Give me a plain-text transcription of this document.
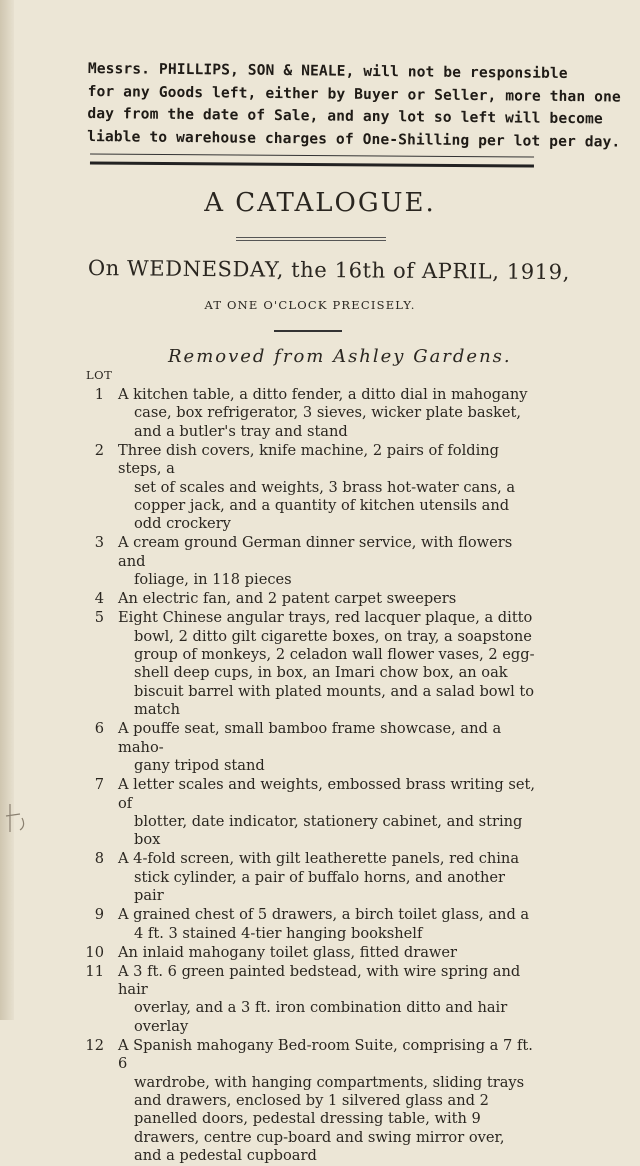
Messrs. PHILLIPS, SON & NEALE, will not be responsible
for any Goods left, either by Buyer or Seller, more than one
day from the date of Sale, and any lot so left will become
liable to warehouse charges of One-Shilling per lot per day.
A CATALOGUE.
On WEDNESDAY, the 16th of APRIL, 1919,
AT ONE O'CLOCK PRECISELY.
Removed from Ashley Gardens.
LOT
1 A kitchen table, a ditto fender, a ditto dial in mahogany
case, box refrigerator, 3 sieves, wicker plate basket, and a butler's tray and stand
2 Three dish covers, knife machine, 2 pairs of folding steps, a
set of scales and weights, 3 brass hot-water cans, a copper jack, and a quantity of kitchen utensils and odd crockery
3 A cream ground German dinner service, with flowers and
foliage, in 118 pieces
4 An electric fan, and 2 patent carpet sweepers
5 Eight Chinese angular trays, red lacquer plaque, a ditto
bowl, 2 ditto gilt cigarette boxes, on tray, a soapstone group of monkeys, 2 celadon wall flower vases, 2 egg-shell deep cups, in box, an Imari chow box, an oak biscuit barrel with plated mounts, and a salad bowl to match
6 A pouffe seat, small bamboo frame showcase, and a maho-
gany tripod stand
7 A letter scales and weights, embossed brass writing set, of
blotter, date indicator, stationery cabinet, and string box
8 A 4-fold screen, with gilt leatherette panels, red china
stick cylinder, a pair of buffalo horns, and another pair
9 A grained chest of 5 drawers, a birch toilet glass, and a
4 ft. 3 stained 4-tier hanging bookshelf
10 An inlaid mahogany toilet glass, fitted drawer
11 A 3 ft. 6 green painted bedstead, with wire spring and hair
overlay, and a 3 ft. iron combination ditto and hair overlay
12 A Spanish mahogany Bed-room Suite, comprising a 7 ft. 6
wardrobe, with hanging compartments, sliding trays and drawers, enclosed by 1 silvered glass and 2 panelled doors, pedestal dressing table, with 9 drawers, centre cup-board and swing mirror over, and a pedestal cupboard
